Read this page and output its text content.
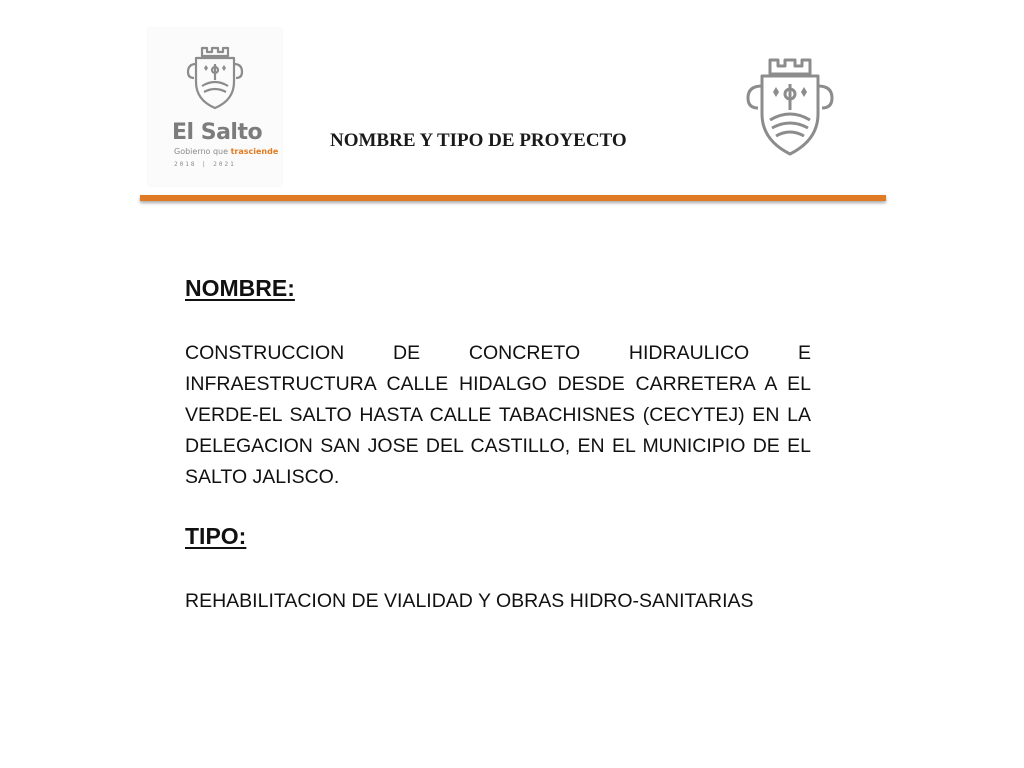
El Salto
Gobierno que trasciende
2018 | 2021
NOMBRE Y TIPO DE PROYECTO
NOMBRE:
CONSTRUCCION DE CONCRETO HIDRAULICO E INFRAESTRUCTURA CALLE HIDALGO DESDE CARRETERA A EL VERDE-EL SALTO HASTA CALLE TABACHISNES (CECYTEJ) EN LA DELEGACION SAN JOSE DEL CASTILLO, EN EL MUNICIPIO DE EL SALTO JALISCO.
TIPO:
REHABILITACION DE VIALIDAD Y OBRAS HIDRO-SANITARIAS
